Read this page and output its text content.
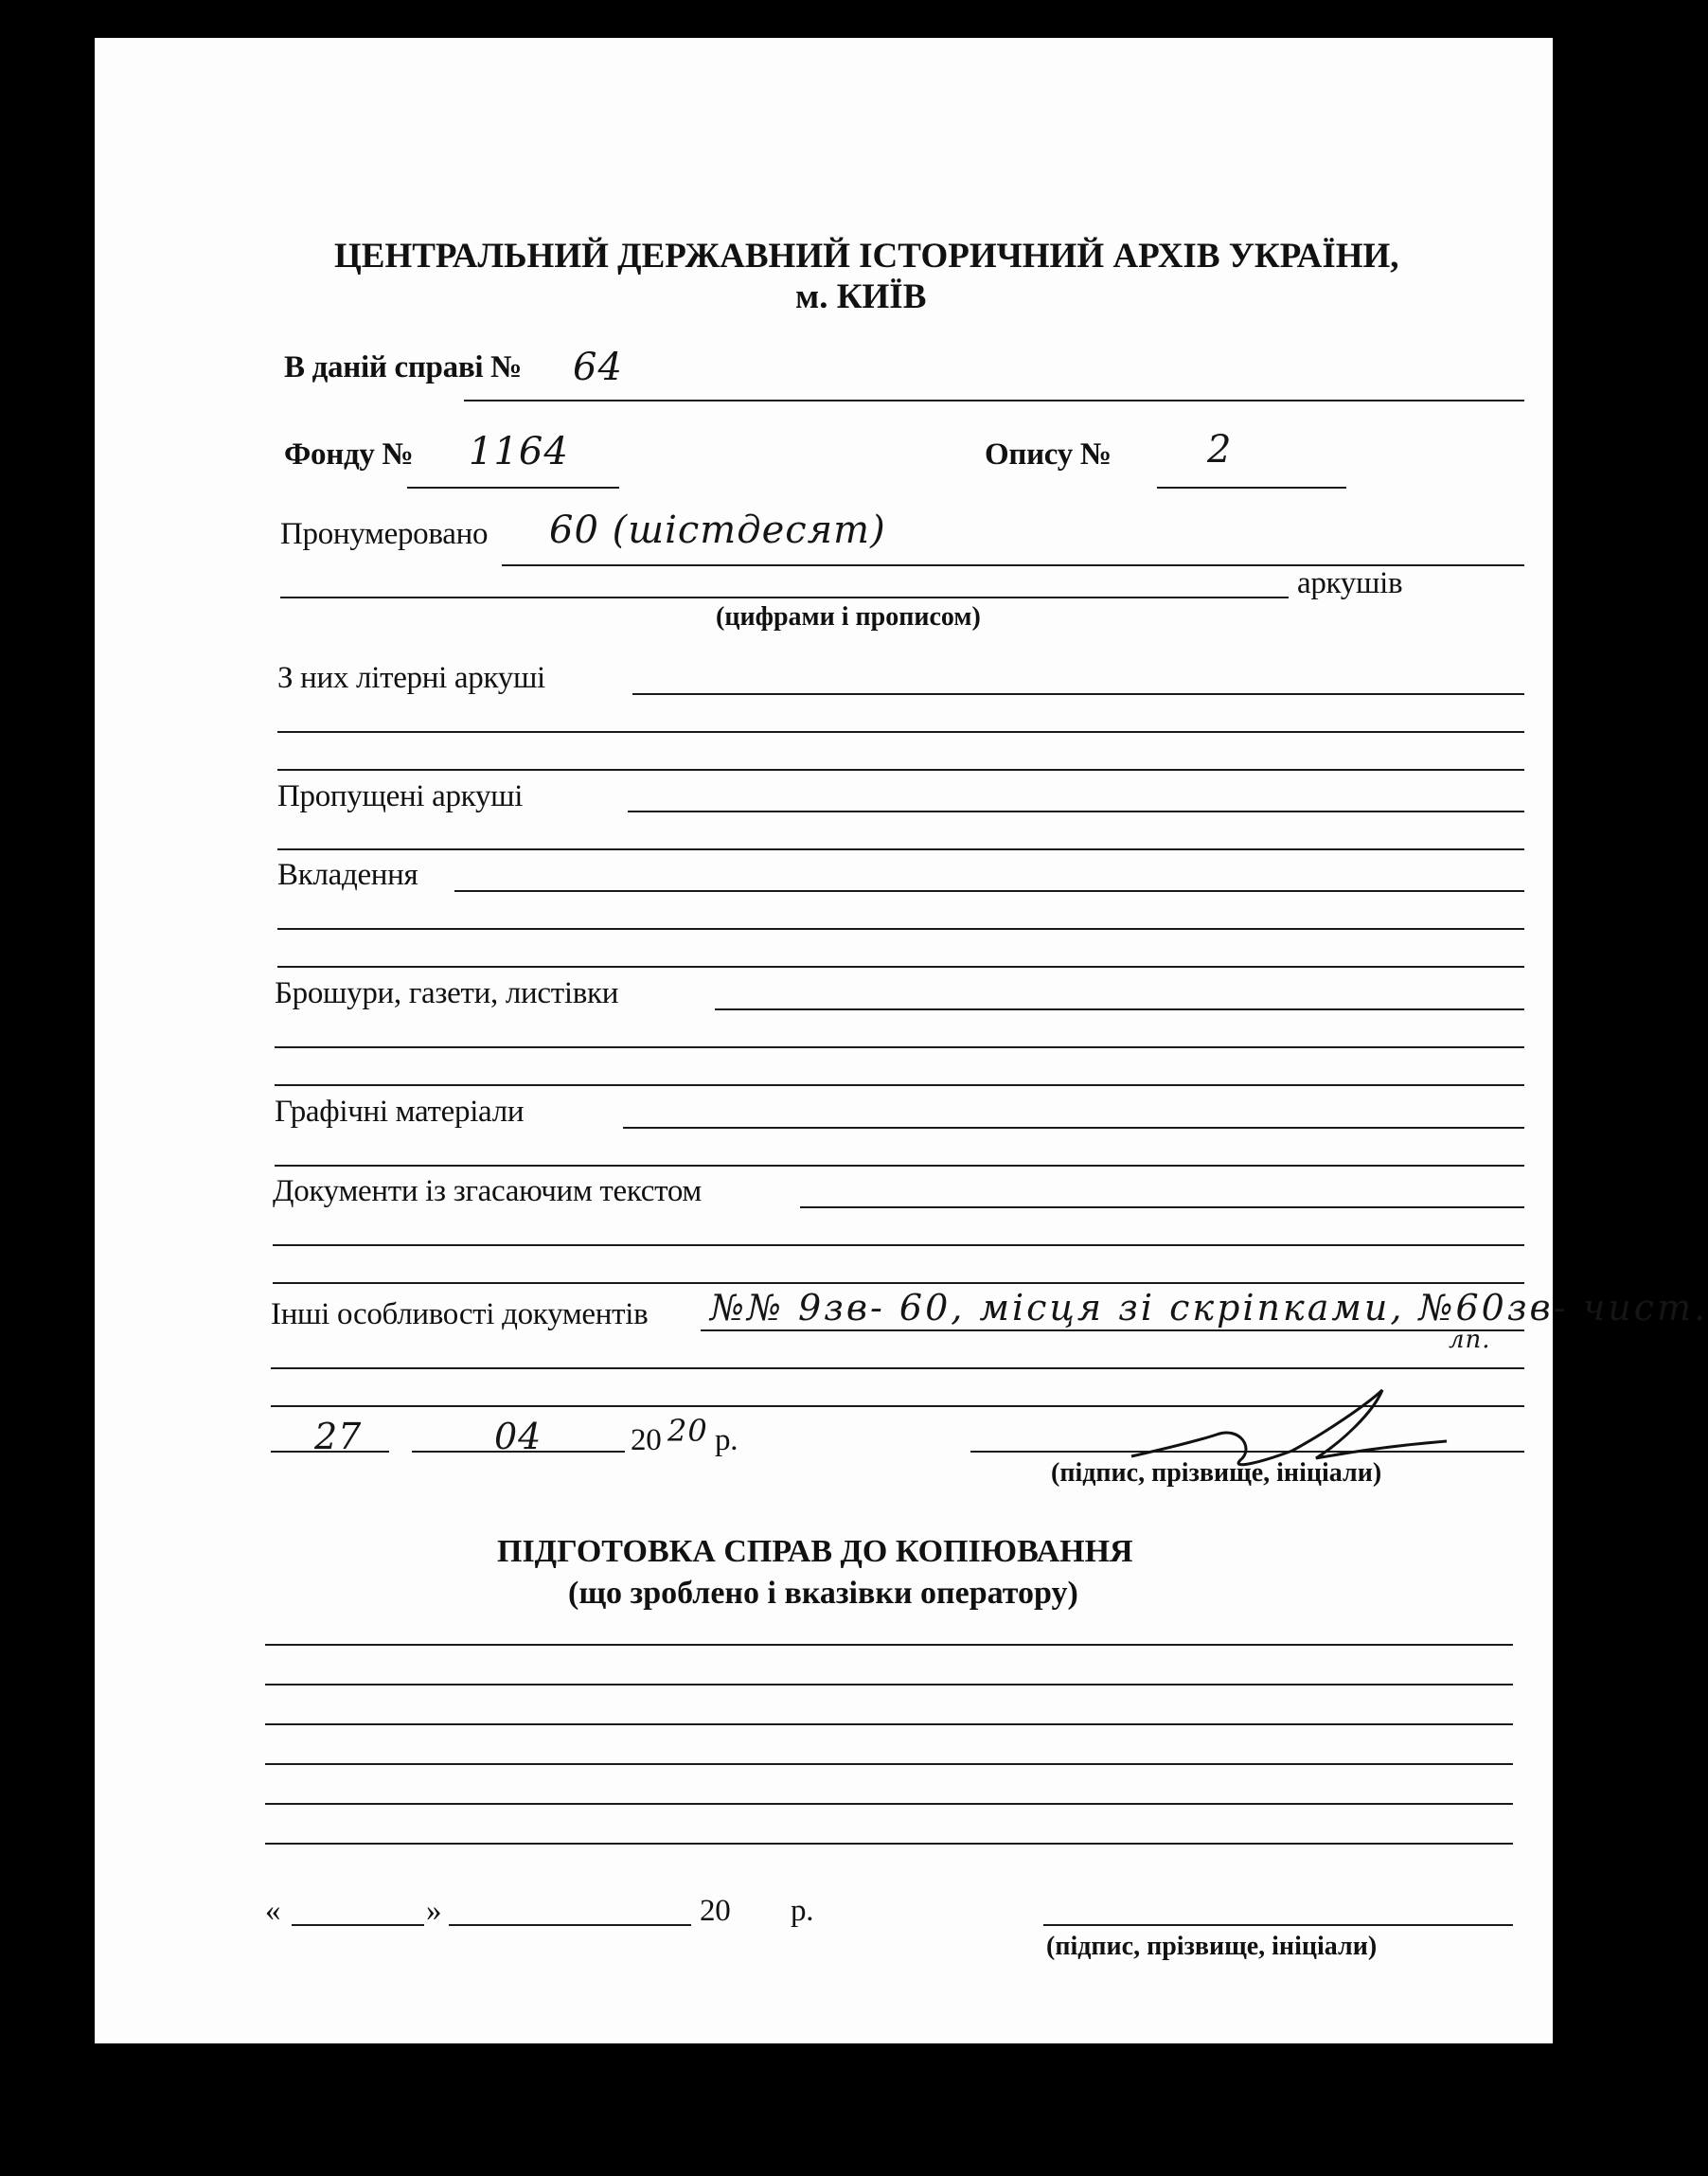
ЦЕНТРАЛЬНИЙ ДЕРЖАВНИЙ ІСТОРИЧНИЙ АРХІВ УКРАЇНИ,
м. КИЇВ
В даній справі № 64
Фонду № 1164	Опису №	2
Пронумеровано 60 (шістдесят)
аркушів
(цифрами і прописом)
З них літерні аркуші
Пропущені аркуші
Вкладення
Брошури, газети, листівки
Графічні матеріали
Документи із згасаючим текстом
Інші особливості документів №№ 9зв- 60, місця зі скріпками, №60зв- чист.
лп.
27	04	20 20 р.
(підпис, прізвище, ініціали)
ПІДГОТОВКА СПРАВ ДО КОПІЮВАННЯ
(що зроблено і вказівки оператору)
«	»	20 р.
(підпис, прізвище, ініціали)
